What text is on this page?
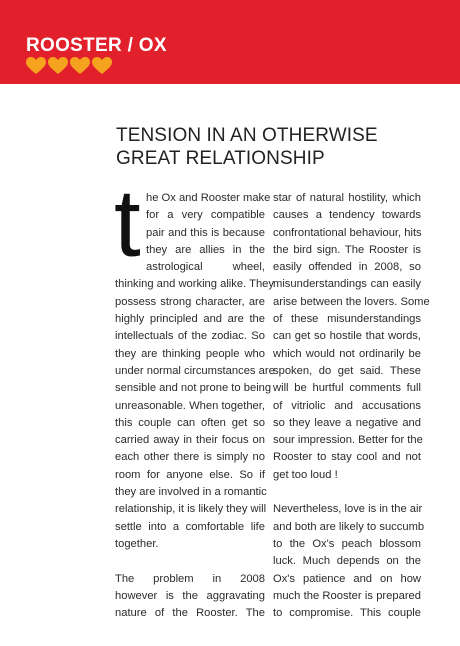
ROOSTER / OX
TENSION IN AN OTHERWISE
GREAT RELATIONSHIP
t he Ox and Rooster make
for a very compatible
pair and this is because
they are allies in the
astrological wheel,
thinking and working alike. They
possess strong character, are
highly principled and are the
intellectuals of the zodiac. So
they are thinking people who
under normal circumstances are
sensible and not prone to being
unreasonable. When together,
this couple can often get so
carried away in their focus on
each other there is simply no
room for anyone else. So if
they are involved in a romantic
relationship, it is likely they will
settle into a comfortable life
together.
The problem in 2008
however is the aggravating
nature of the Rooster. The
star of natural hostility, which
causes a tendency towards
confrontational behaviour, hits
the bird sign. The Rooster is
easily offended in 2008, so
misunderstandings can easily
arise between the lovers. Some
of these misunderstandings
can get so hostile that words,
which would not ordinarily be
spoken, do get said. These
will be hurtful comments full
of vitriolic and accusations
so they leave a negative and
sour impression. Better for the
Rooster to stay cool and not
get too loud !
Nevertheless, love is in the air
and both are likely to succumb
to the Ox's peach blossom
luck. Much depends on the
Ox's patience and on how
much the Rooster is prepared
to compromise. This couple
